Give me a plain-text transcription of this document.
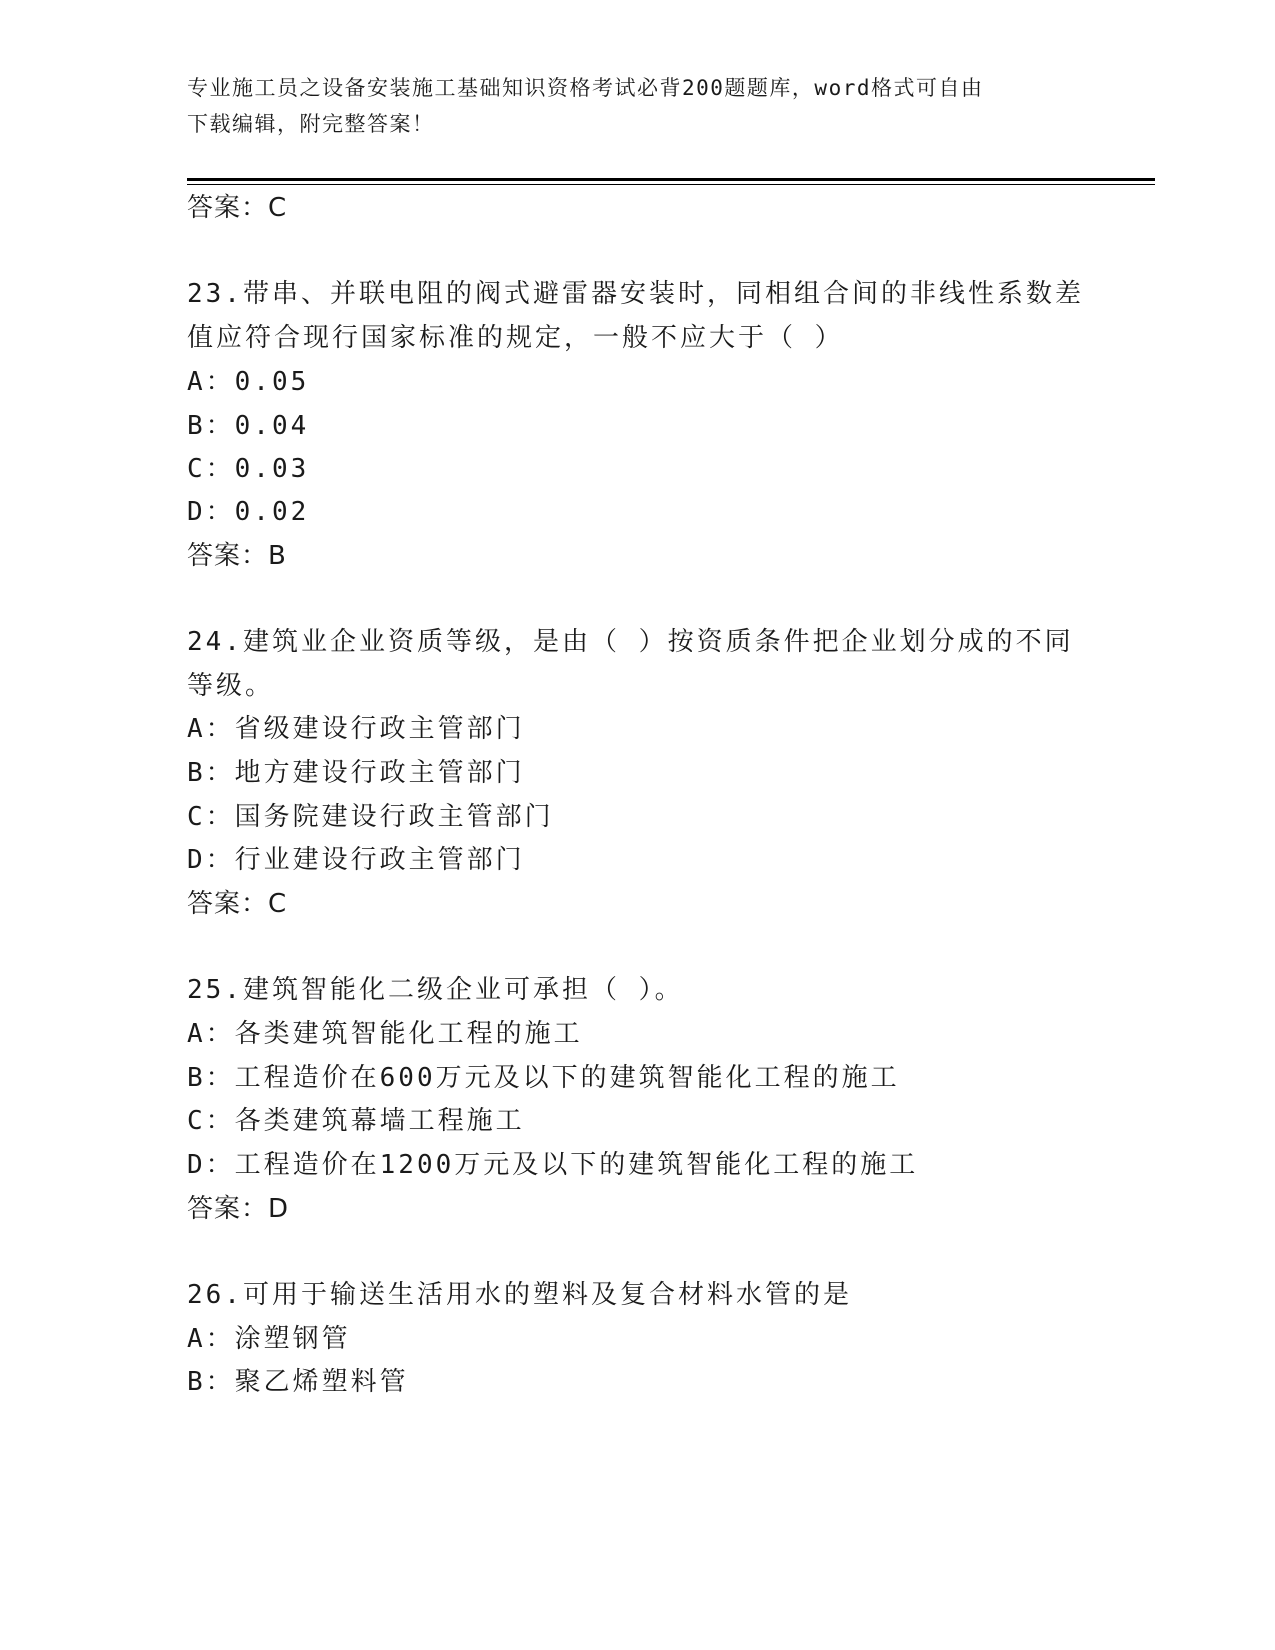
专业施工员之设备安装施工基础知识资格考试必背200题题库，word格式可自由
下载编辑，附完整答案！
答案：C
23.带串、并联电阻的阀式避雷器安装时，同相组合间的非线性系数差
值应符合现行国家标准的规定，一般不应大于（ ）
A：0.05
B：0.04
C：0.03
D：0.02
答案：B
24.建筑业企业资质等级，是由（ ）按资质条件把企业划分成的不同
等级。
A：省级建设行政主管部门
B：地方建设行政主管部门
C：国务院建设行政主管部门
D：行业建设行政主管部门
答案：C
25.建筑智能化二级企业可承担（ ）。
A：各类建筑智能化工程的施工
B：工程造价在600万元及以下的建筑智能化工程的施工
C：各类建筑幕墙工程施工
D：工程造价在1200万元及以下的建筑智能化工程的施工
答案：D
26.可用于输送生活用水的塑料及复合材料水管的是
A：涂塑钢管
B：聚乙烯塑料管
